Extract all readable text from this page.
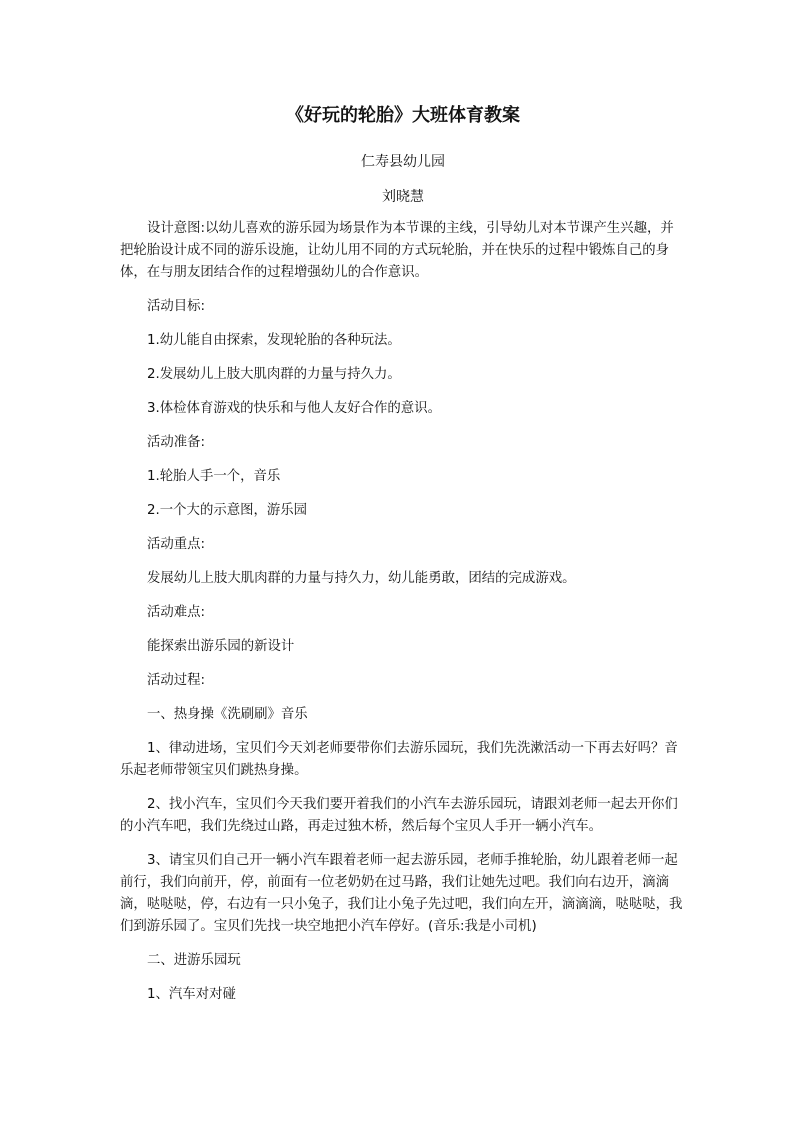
《好玩的轮胎》大班体育教案
仁寿县幼儿园
刘晓慧

设计意图:以幼儿喜欢的游乐园为场景作为本节课的主线，引导幼儿对本节课产生兴趣，并把轮胎设计成不同的游乐设施，让幼儿用不同的方式玩轮胎，并在快乐的过程中锻炼自己的身体，在与朋友团结合作的过程增强幼儿的合作意识。

活动目标:

1.幼儿能自由探索，发现轮胎的各种玩法。

2.发展幼儿上肢大肌肉群的力量与持久力。

3.体检体育游戏的快乐和与他人友好合作的意识。

活动准备:

1.轮胎人手一个，音乐

2.一个大的示意图，游乐园

活动重点:

发展幼儿上肢大肌肉群的力量与持久力，幼儿能勇敢，团结的完成游戏。

活动难点:

能探索出游乐园的新设计

活动过程:

一、热身操《洗刷刷》音乐

1、律动进场，宝贝们今天刘老师要带你们去游乐园玩，我们先洗漱活动一下再去好吗？音乐起老师带领宝贝们跳热身操。

2、找小汽车，宝贝们今天我们要开着我们的小汽车去游乐园玩，请跟刘老师一起去开你们的小汽车吧，我们先绕过山路，再走过独木桥，然后每个宝贝人手开一辆小汽车。

3、请宝贝们自己开一辆小汽车跟着老师一起去游乐园，老师手推轮胎，幼儿跟着老师一起前行，我们向前开，停，前面有一位老奶奶在过马路，我们让她先过吧。我们向右边开，滴滴滴，哒哒哒，停，右边有一只小兔子，我们让小兔子先过吧，我们向左开，滴滴滴，哒哒哒，我们到游乐园了。宝贝们先找一块空地把小汽车停好。(音乐:我是小司机)

二、进游乐园玩

1、汽车对对碰
